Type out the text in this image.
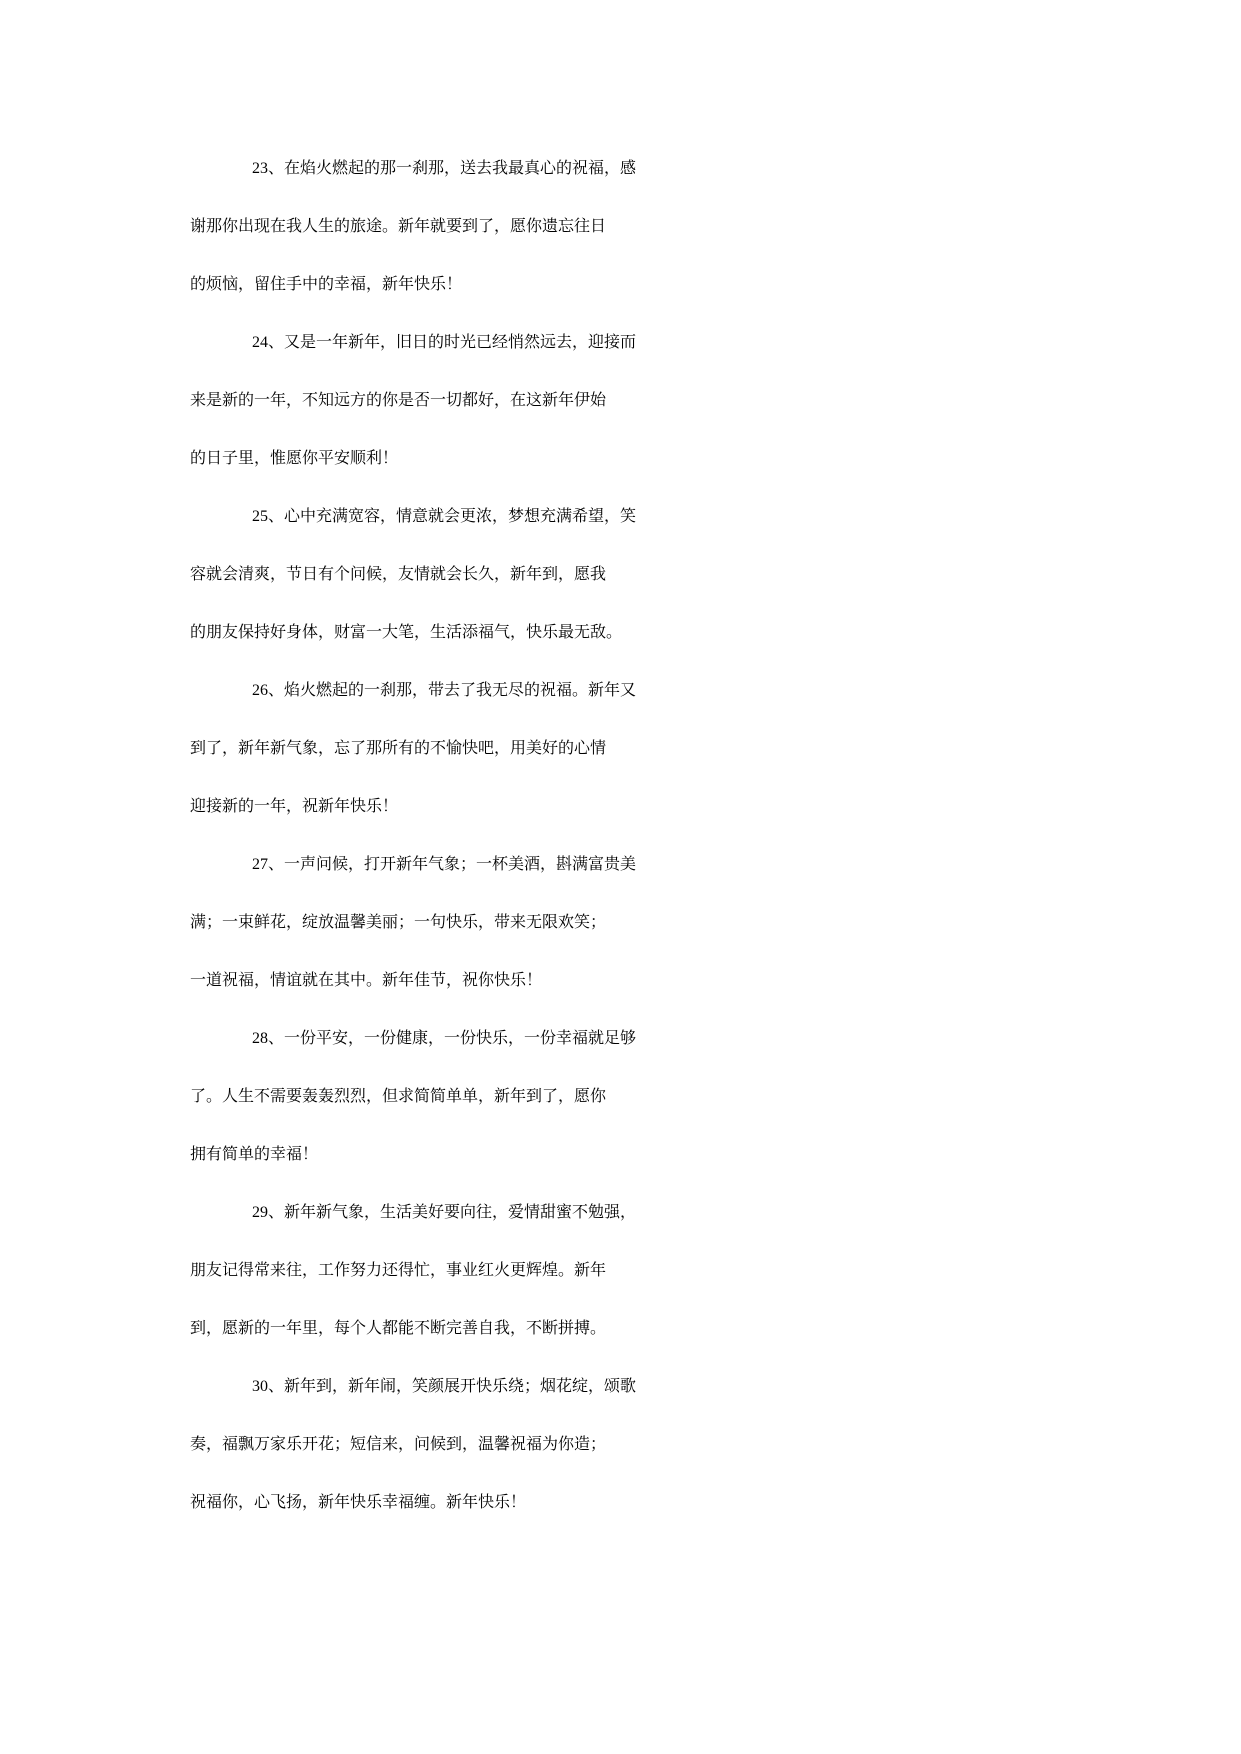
23、在焰火燃起的那一刹那，送去我最真心的祝福，感
谢那你出现在我人生的旅途。新年就要到了，愿你遗忘往日
的烦恼，留住手中的幸福，新年快乐！
24、又是一年新年，旧日的时光已经悄然远去，迎接而
来是新的一年，不知远方的你是否一切都好，在这新年伊始
的日子里，惟愿你平安顺利！
25、心中充满宽容，情意就会更浓，梦想充满希望，笑
容就会清爽，节日有个问候，友情就会长久，新年到，愿我
的朋友保持好身体，财富一大笔，生活添福气，快乐最无敌。
26、焰火燃起的一刹那，带去了我无尽的祝福。新年又
到了，新年新气象，忘了那所有的不愉快吧，用美好的心情
迎接新的一年，祝新年快乐！
27、一声问候，打开新年气象；一杯美酒，斟满富贵美
满；一束鲜花，绽放温馨美丽；一句快乐，带来无限欢笑；
一道祝福，情谊就在其中。新年佳节，祝你快乐！
28、一份平安，一份健康，一份快乐，一份幸福就足够
了。人生不需要轰轰烈烈，但求简简单单，新年到了，愿你
拥有简单的幸福！
29、新年新气象，生活美好要向往，爱情甜蜜不勉强，
朋友记得常来往，工作努力还得忙，事业红火更辉煌。新年
到，愿新的一年里，每个人都能不断完善自我，不断拼搏。
30、新年到，新年闹，笑颜展开快乐绕；烟花绽，颂歌
奏，福飘万家乐开花；短信来，问候到，温馨祝福为你造；
祝福你，心飞扬，新年快乐幸福缠。新年快乐！
